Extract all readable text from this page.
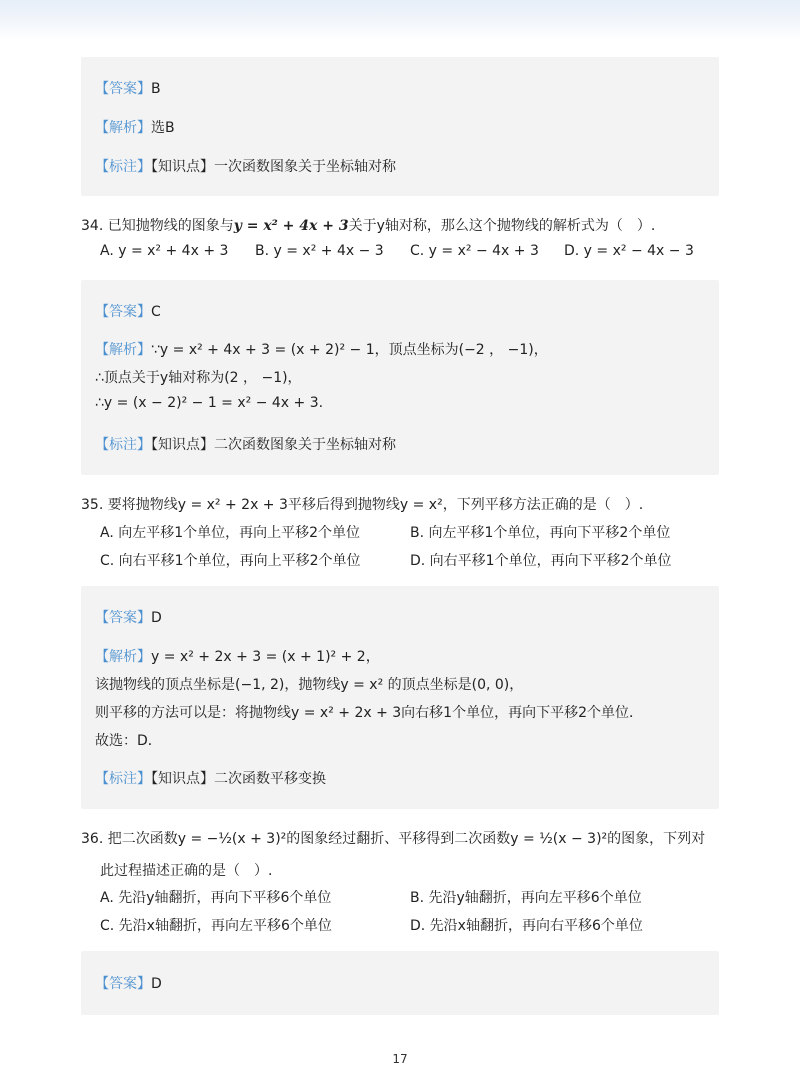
【答案】B
【解析】选B
【标注】【知识点】一次函数图象关于坐标轴对称
34. 已知抛物线的图象与y = x² + 4x + 3关于y轴对称，那么这个抛物线的解析式为（　）.
A. y = x² + 4x + 3 B. y = x² + 4x − 3 C. y = x² − 4x + 3 D. y = x² − 4x − 3
【答案】C
【解析】∵y = x² + 4x + 3 = (x + 2)² − 1，顶点坐标为(−2 ， −1)，
∴顶点关于y轴对称为(2 ， −1)，
∴y = (x − 2)² − 1 = x² − 4x + 3.
【标注】【知识点】二次函数图象关于坐标轴对称
35. 要将抛物线y = x² + 2x + 3平移后得到抛物线y = x²，下列平移方法正确的是（　）.
A. 向左平移1个单位，再向上平移2个单位	B. 向左平移1个单位，再向下平移2个单位
C. 向右平移1个单位，再向上平移2个单位	D. 向右平移1个单位，再向下平移2个单位
【答案】D
【解析】y = x² + 2x + 3 = (x + 1)² + 2，
该抛物线的顶点坐标是(−1, 2)，抛物线y = x² 的顶点坐标是(0, 0)，
则平移的方法可以是：将抛物线y = x² + 2x + 3向右移1个单位，再向下平移2个单位．
故选：D．
【标注】【知识点】二次函数平移变换
36. 把二次函数y = −½(x + 3)²的图象经过翻折、平移得到二次函数y = ½(x − 3)²的图象，下列对
此过程描述正确的是（　）.
A. 先沿y轴翻折，再向下平移6个单位	B. 先沿y轴翻折，再向左平移6个单位
C. 先沿x轴翻折，再向左平移6个单位	D. 先沿x轴翻折，再向右平移6个单位
【答案】D
17
